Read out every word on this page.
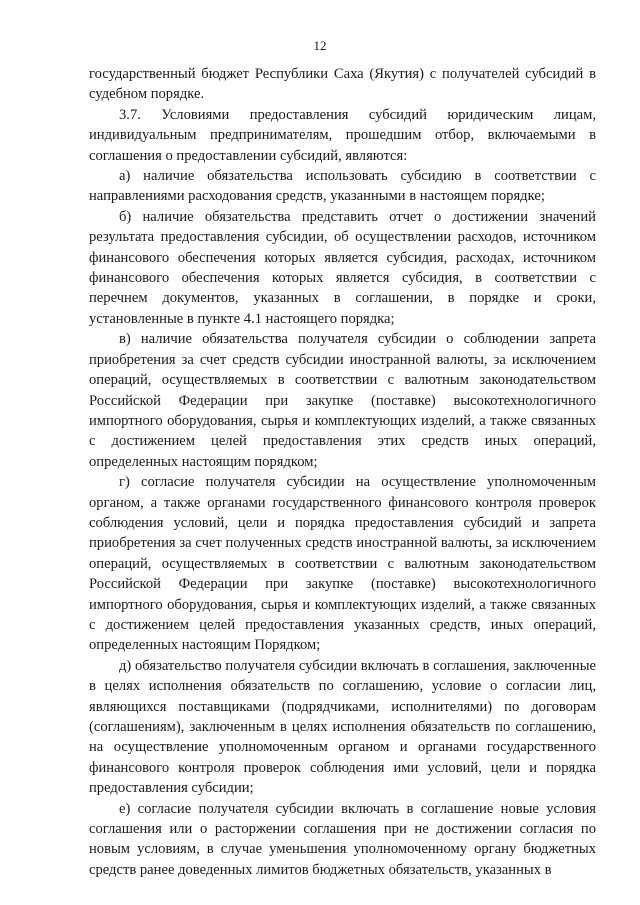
12

государственный бюджет Республики Саха (Якутия) с получателей субсидий в судебном порядке.

3.7. Условиями предоставления субсидий юридическим лицам, индивидуальным предпринимателям, прошедшим отбор, включаемыми в соглашения о предоставлении субсидий, являются:

а) наличие обязательства использовать субсидию в соответствии с направлениями расходования средств, указанными в настоящем порядке;

б) наличие обязательства представить отчет о достижении значений результата предоставления субсидии, об осуществлении расходов, источником финансового обеспечения которых является субсидия, расходах, источником финансового обеспечения которых является субсидия, в соответствии с перечнем документов, указанных в соглашении, в порядке и сроки, установленные в пункте 4.1 настоящего порядка;

в) наличие обязательства получателя субсидии о соблюдении запрета приобретения за счет средств субсидии иностранной валюты, за исключением операций, осуществляемых в соответствии с валютным законодательством Российской Федерации при закупке (поставке) высокотехнологичного импортного оборудования, сырья и комплектующих изделий, а также связанных с достижением целей предоставления этих средств иных операций, определенных настоящим порядком;

г) согласие получателя субсидии на осуществление уполномоченным органом, а также органами государственного финансового контроля проверок соблюдения условий, цели и порядка предоставления субсидий и запрета приобретения за счет полученных средств иностранной валюты, за исключением операций, осуществляемых в соответствии с валютным законодательством Российской Федерации при закупке (поставке) высокотехнологичного импортного оборудования, сырья и комплектующих изделий, а также связанных с достижением целей предоставления указанных средств, иных операций, определенных настоящим Порядком;

д) обязательство получателя субсидии включать в соглашения, заключенные в целях исполнения обязательств по соглашению, условие о согласии лиц, являющихся поставщиками (подрядчиками, исполнителями) по договорам (соглашениям), заключенным в целях исполнения обязательств по соглашению, на осуществление уполномоченным органом и органами государственного финансового контроля проверок соблюдения ими условий, цели и порядка предоставления субсидии;

е) согласие получателя субсидии включать в соглашение новые условия соглашения или о расторжении соглашения при не достижении согласия по новым условиям, в случае уменьшения уполномоченному органу бюджетных средств ранее доведенных лимитов бюджетных обязательств, указанных в
